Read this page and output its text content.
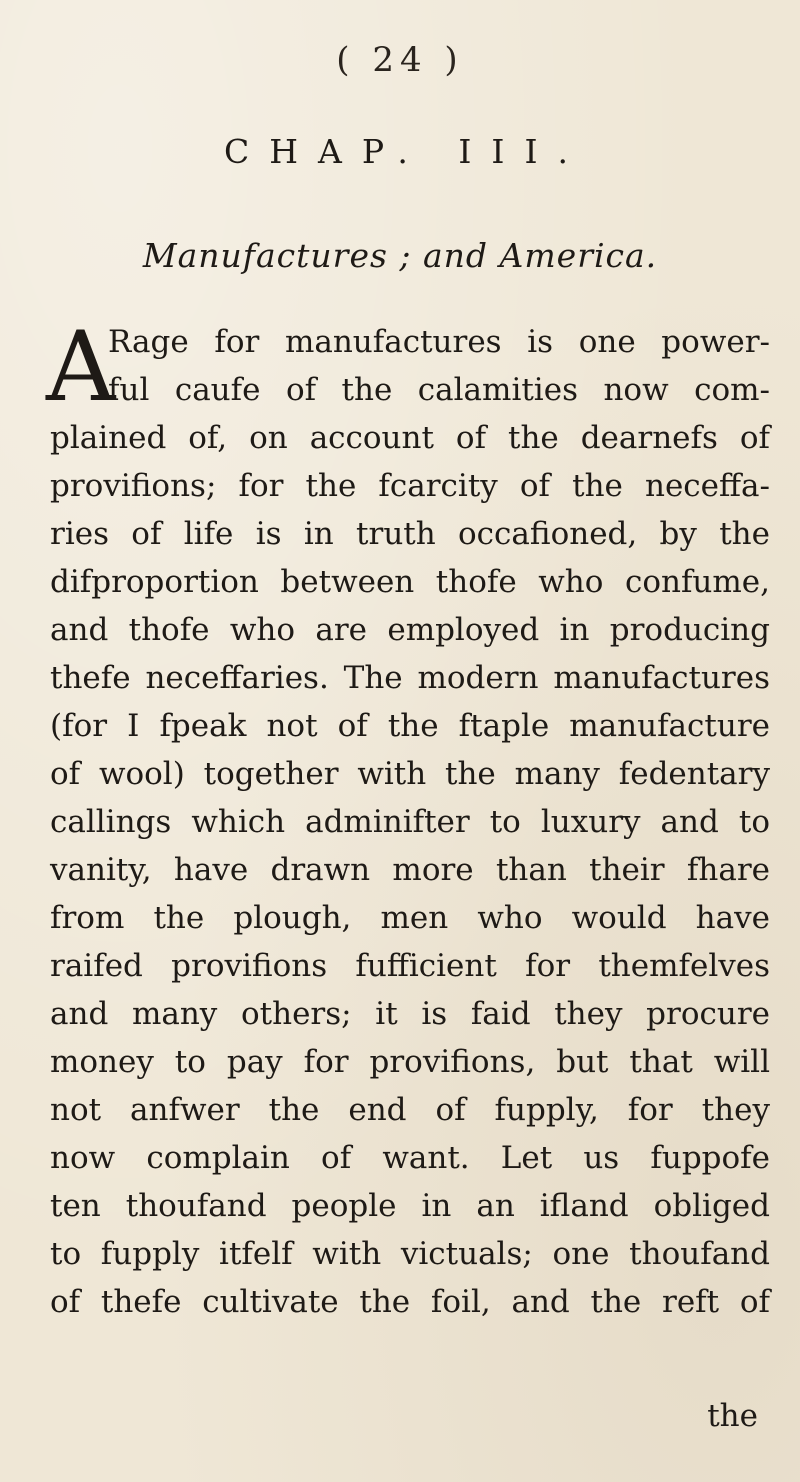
( 24 )
CHAP. III.
Manufactures ; and America.
A
Rage for manufactures is one power-
ful caufe of the calamities now com-
plained of, on account of the dearnefs of
provifions; for the fcarcity of the neceffa-
ries of life is in truth occafioned, by the
difproportion between thofe who confume,
and thofe who are employed in producing
thefe neceffaries. The modern manufactures
(for I fpeak not of the ftaple manufacture
of wool) together with the many fedentary
callings which adminifter to luxury and to
vanity, have drawn more than their fhare
from the plough, men who would have
raifed provifions fufficient for themfelves
and many others; it is faid they procure
money to pay for provifions, but that will
not anfwer the end of fupply, for they
now complain of want. Let us fuppofe
ten thoufand people in an ifland obliged
to fupply itfelf with victuals; one thoufand
of thefe cultivate the foil, and the reft of
the
